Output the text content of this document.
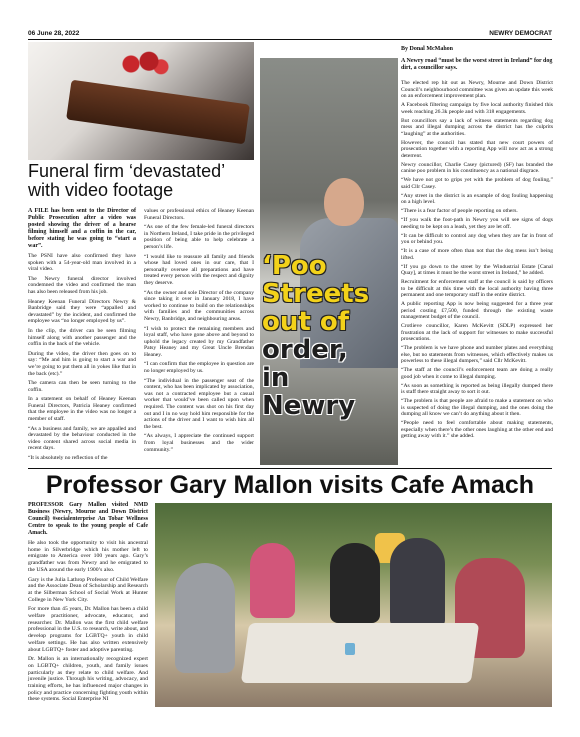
06 June 28, 2022	NEWRY DEMOCRAT
Funeral firm ‘devastated’ with video footage

A FILE has been sent to the Director of Public Prosecution after a video was posted showing the driver of a hearse filming himself and a coffin in the car, before stating he was going to “start a war”.

The PSNI have also confirmed they have spoken with a 54-year-old man involved in a viral video.

The Newry funeral director involved condemned the video and confirmed the man has also been released from his job.

Heaney Keenan Funeral Directors Newry & Banbridge said they were “appalled and devastated” by the incident, and confirmed the employee was “no longer employed by us”.

In the clip, the driver can be seen filming himself along with another passenger and the coffin in the back of the vehicle.

During the video, the driver then goes on to say: “Me and him is going to start a war and we’re going to put them all in yokes like that in the back (etc).”

The camera can then be seen turning to the coffin.

In a statement on behalf of Heaney Keenan Funeral Directors, Patricia Heaney confirmed that the employee in the video was no longer a member of staff.

“As a business and family, we are appalled and devastated by the behaviour conducted in the video content shared across social media in recent days.

“It is absolutely no reflection of the

values or professional ethics of Heaney Keenan Funeral Directors.

“As one of the few female-led funeral directors in Northern Ireland, I take pride in the privileged position of being able to help celebrate a person’s life.

“I would like to reassure all family and friends whose had loved ones in our care, that I personally oversee all preparations and have treated every person with the respect and dignity they deserve.

“As the owner and sole Director of the company since taking it over in January 2018, I have worked to continue to build on the relationships with families and the communities across Newry, Banbridge, and neighbouring areas.

“I wish to protect the remaining members and loyal staff, who have gone above and beyond to uphold the legacy created by my Grandfather Patsy Heaney and my Great Uncle Brendan Heaney.

“I can confirm that the employee in question are no longer employed by us.

“The individual in the passenger seat of the content, who has been implicated by association, was not a contracted employee but a casual worker that would’ve been called upon when required. The content was shot on his first day out and I in no way hold him responsible for the actions of the driver and I want to wish him all the best.

“As always, I appreciate the continued support from loyal businesses and the wider community.”

‘Poo
Streets
out of
order,
in
Newry
By Donal McMahon
A Newry road “must be the worst street in Ireland” for dog dirt, a councillor says.

The elected rep hit out as Newry, Mourne and Down District Council’s neighbourhood committee was given an update this week on an enforcement improvement plan.

A Facebook filtering campaign by five local authority finished this week reaching 26.3k people and with 318 engagements.

But councillors say a lack of witness statements regarding dog mess and illegal dumping across the district has the culprits “laughing” at the authorities.

However, the council has stated that new court powers of prosecution together with a reporting App will now act as a strong deterrent.

Newry councillor, Charlie Casey (pictured) (SF) has branded the canine poo problem in his constituency as a national disgrace.

“We have not got to grips yet with the problem of dog fouling,” said Cllr Casey.

“Any street in the district is an example of dog fouling happening on a high level.

“There is a fear factor of people reporting on others.

“If you walk the foot-path in Newry you will see signs of dogs needing to be kept on a leash, yet they are let off.

“It can be difficult to control any dog when they are far in front of you or behind you.

“It is a case of more often than not that the dog mess isn’t being lifted.

“If you go down to the street by the Windustrial Estate [Canal Quay], at times it must be the worst street in Ireland,” he added.

Recruitment for enforcement staff at the council is said by officers to be difficult at this time with the local authority having three permanent and one temporary staff in the entire district.

A public reporting App is now being suggested for a three year period costing £7,500, funded through the existing waste management budget of the council.

Crotlieve councillor, Karen McKevitt (SDLP) expressed her frustration at the lack of support for witnesses to make successful prosecutions.

“The problem is we have phone and number plates and everything else, but no statements from witnesses, which effectively makes us powerless to these illegal dumpers,” said Cllr McKevitt.

“The staff at the council’s enforcement team are doing a really good job when it come to illegal dumping.

“As soon as something is reported as being illegally dumped there is staff there straight away to sort it out.

“The problem is that people are afraid to make a statement on who is suspected of doing the illegal dumping, and the ones doing the dumping all know we can’t do anything about it then.

“People need to feel comfortable about making statements, especially when there’s the other ones laughing at the other end and getting away with it.” she added.

Professor Gary Mallon visits Cafe Amach

PROFESSOR Gary Mallon visited NMD Business (Newry, Mourne and Down District Council) #socialenterprise An Tobar Wellness Centre to speak to the young people of Cafe Amach.

He also took the opportunity to visit his ancestral home in Silverbridge which his mother left to emigrate to America over 100 years ago. Gary’s grandfather was from Newry and he emigrated to the USA around the early 1900’s also.

Gary is the Julia Lathrop Professor of Child Welfare and the Associate Dean of Scholarship and Research at the Silberman School of Social Work at Hunter College in New York City.

For more than 45 years, Dr. Mallon has been a child welfare practitioner, advocate, educator, and researcher. Dr. Mallon was the first child welfare professional in the U.S. to research, write about, and develop programs for LGBTQ+ youth in child welfare settings. He has also written extensively about LGBTQ+ foster and adoptive parenting.

Dr. Mallon is an internationally recognized expert on LGBTQ+ children, youth, and family issues particularly as they relate to child welfare. And juvenile justice. Through his writing, advocacy, and training efforts, he has influenced major changes in policy and practice concerning fighting youth within these systems. Social Enterprise NI
